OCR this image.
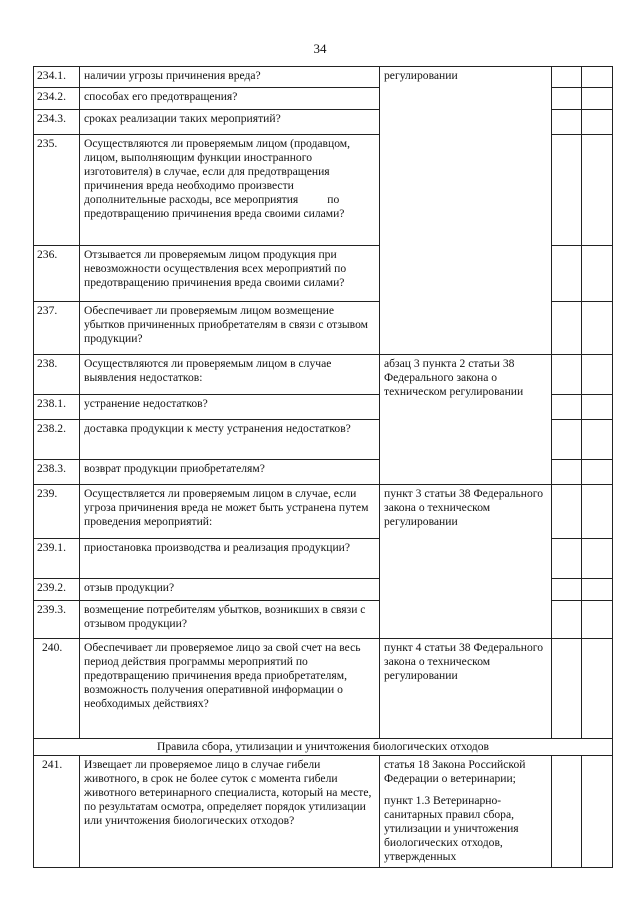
34
234.1.	наличии угрозы причинения вреда?	регулировании		
234.2.	способах его предотвращения?			
234.3.	сроках реализации таких мероприятий?			
235.	Осуществляются ли проверяемым лицом (продавцом, лицом, выполняющим функции иностранного изготовителя) в случае, если для предотвращения причинения вреда необходимо произвести дополнительные расходы, все мероприятия          по предотвращению причинения вреда своими силами?			
236.	Отзывается ли проверяемым лицом продукция при невозможности осуществления всех мероприятий по предотвращению причинения вреда своими силами?			
237.	Обеспечивает ли проверяемым лицом возмещение убытков причиненных приобретателям в связи с отзывом продукции?			
238.	Осуществляются ли проверяемым лицом в случае выявления недостатков:	абзац 3 пункта 2 статьи 38 Федерального закона о техническом регулировании		
238.1.	устранение недостатков?			
238.2.	доставка продукции к месту устранения недостатков?			
238.3.	возврат продукции приобретателям?			
239.	Осуществляется ли проверяемым лицом в случае, если угроза причинения вреда не может быть устранена путем проведения мероприятий:	пункт 3 статьи 38 Федерального закона о техническом регулировании		
239.1.	приостановка производства и реализация продукции?			
239.2.	отзыв продукции?			
239.3.	возмещение потребителям убытков, возникших в связи с отзывом продукции?			
240.	Обеспечивает ли проверяемое лицо за свой счет на весь период действия программы мероприятий по предотвращению причинения вреда приобретателям, возможность получения оперативной информации о необходимых действиях?	пункт 4 статьи 38 Федерального закона о техническом регулировании		
Правила сбора, утилизации и уничтожения биологических отходов				
241.	Извещает ли проверяемое лицо в случае гибели животного, в срок не более суток с момента гибели животного ветеринарного специалиста, который на месте, по результатам осмотра, определяет порядок утилизации или уничтожения биологических отходов?	статья 18 Закона Российской Федерации о ветеринарии;

пункт 1.3 Ветеринарно-санитарных правил сбора, утилизации и уничтожения биологических отходов, утвержденных		
